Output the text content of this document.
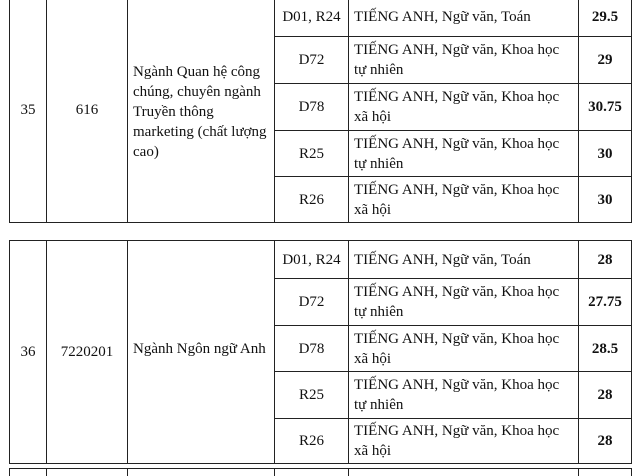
35	616	Ngành Quan hệ công chúng, chuyên ngành Truyền thông marketing (chất lượng cao)	D01, R24	TIẾNG ANH, Ngữ văn, Toán	29.5
			D72	TIẾNG ANH, Ngữ văn, Khoa học tự nhiên	29
			D78	TIẾNG ANH, Ngữ văn, Khoa học xã hội	30.75
			R25	TIẾNG ANH, Ngữ văn, Khoa học tự nhiên	30
			R26	TIẾNG ANH, Ngữ văn, Khoa học xã hội	30
36	7220201	Ngành Ngôn ngữ Anh	D01, R24	TIẾNG ANH, Ngữ văn, Toán	28
			D72	TIẾNG ANH, Ngữ văn, Khoa học tự nhiên	27.75
			D78	TIẾNG ANH, Ngữ văn, Khoa học xã hội	28.5
			R25	TIẾNG ANH, Ngữ văn, Khoa học tự nhiên	28
			R26	TIẾNG ANH, Ngữ văn, Khoa học xã hội	28
